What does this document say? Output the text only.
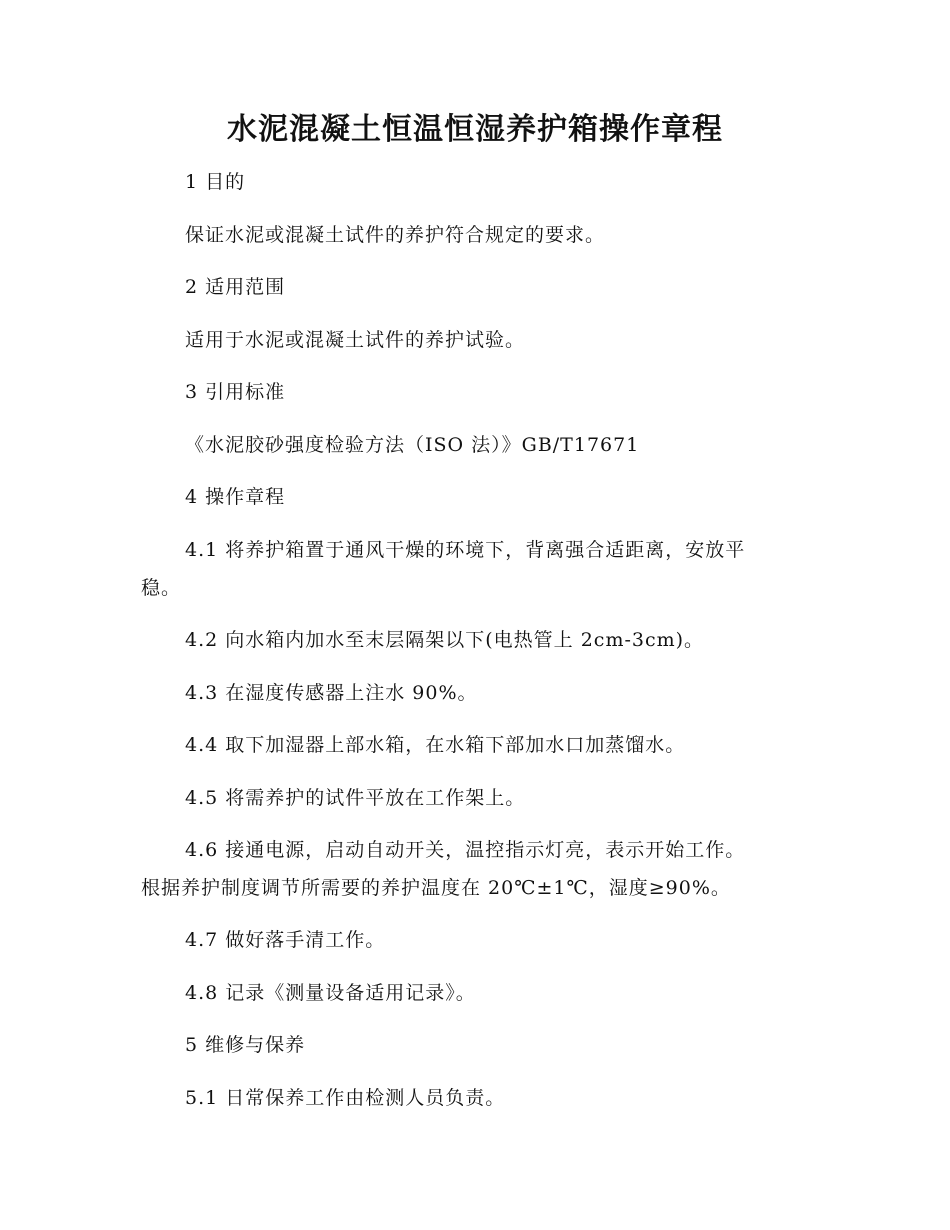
水泥混凝土恒温恒湿养护箱操作章程
1 目的
保证水泥或混凝土试件的养护符合规定的要求。
2 适用范围
适用于水泥或混凝土试件的养护试验。
3 引用标准
《水泥胶砂强度检验方法（ISO 法）》GB/T17671
4 操作章程
4.1 将养护箱置于通风干燥的环境下，背离强合适距离，安放平
稳。
4.2 向水箱内加水至末层隔架以下(电热管上 2cm-3cm)。
4.3 在湿度传感器上注水 90%。
4.4 取下加湿器上部水箱，在水箱下部加水口加蒸馏水。
4.5 将需养护的试件平放在工作架上。
4.6 接通电源，启动自动开关，温控指示灯亮，表示开始工作。
根据养护制度调节所需要的养护温度在 20℃±1℃，湿度≥90%。
4.7 做好落手清工作。
4.8 记录《测量设备适用记录》。
5 维修与保养
5.1 日常保养工作由检测人员负责。
